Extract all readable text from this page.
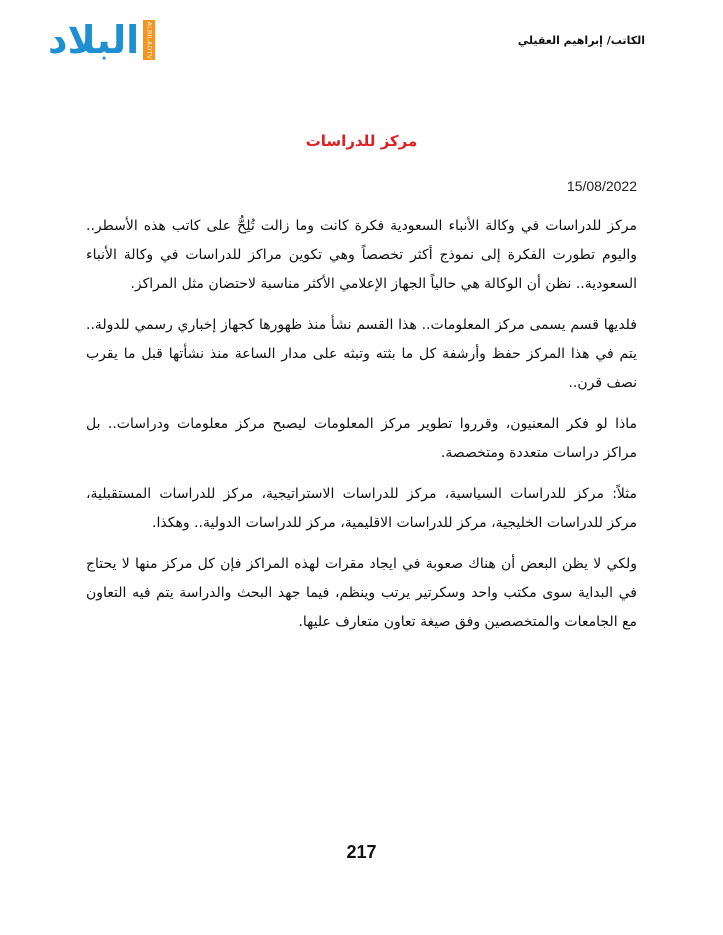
البلاد ALBILADTV	الكاتب/ إبراهيم العقيلي
مركز للدراسات
15/08/2022

مركز للدراسات في وكالة الأنباء السعودية فكرة كانت وما زالت تُلِحُّ على كاتب هذه الأسطر.. واليوم تطورت الفكرة إلى نموذج أكثر تخصصاً وهي تكوين مراكز للدراسات في وكالة الأنباء السعودية.. نظن أن الوكالة هي حالياً الجهاز الإعلامي الأكثر مناسبة لاحتضان مثل المراكز.

فلديها قسم يسمى مركز المعلومات.. هذا القسم نشأ منذ ظهورها كجهاز إخباري رسمي للدولة.. يتم في هذا المركز حفظ وأرشفة كل ما بثته وتبثه على مدار الساعة منذ نشأتها قبل ما يقرب نصف قرن..

ماذا لو فكر المعنيون، وقرروا تطوير مركز المعلومات ليصبح مركز معلومات ودراسات.. بل مراكز دراسات متعددة ومتخصصة.

مثلاً: مركز للدراسات السياسية، مركز للدراسات الاستراتيجية، مركز للدراسات المستقبلية، مركز للدراسات الخليجية، مركز للدراسات الاقليمية، مركز للدراسات الدولية.. وهكذا.

ولكي لا يظن البعض أن هناك صعوبة في ايجاد مقرات لهذه المراكز فإن كل مركز منها لا يحتاج في البداية سوى مكتب واحد وسكرتير يرتب وينظم، فيما جهد البحث والدراسة يتم فيه التعاون مع الجامعات والمتخصصين وفق صيغة تعاون متعارف عليها.

217
